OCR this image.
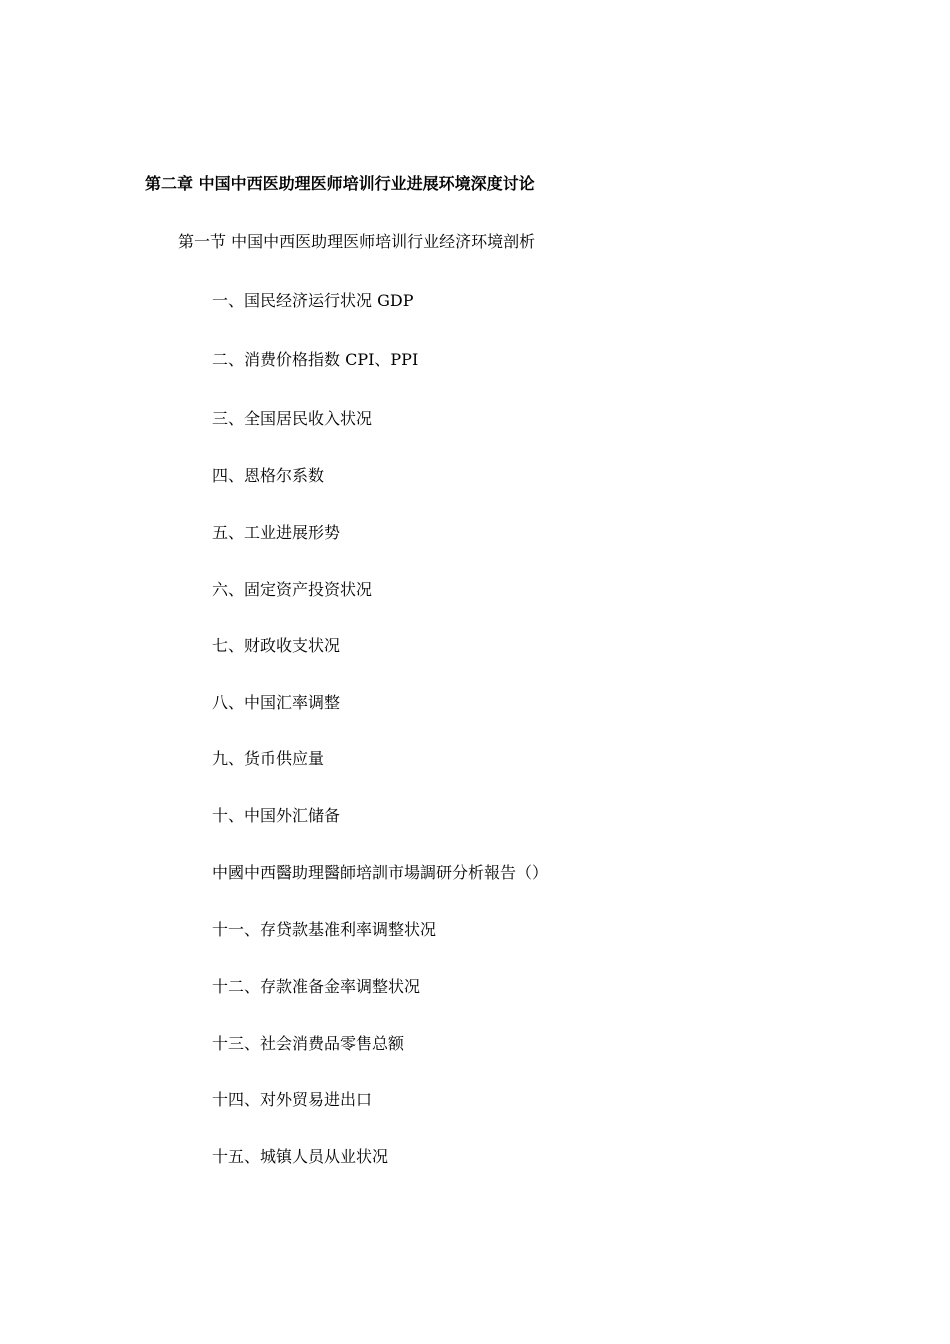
第二章 中国中西医助理医师培训行业进展环境深度讨论
第一节 中国中西医助理医师培训行业经济环境剖析
一、国民经济运行状况 GDP
二、消费价格指数 CPI、PPI
三、全国居民收入状况
四、恩格尔系数
五、工业进展形势
六、固定资产投资状况
七、财政收支状况
八、中国汇率调整
九、货币供应量
十、中国外汇储备
中國中西醫助理醫師培訓市場調研分析報告（）
十一、存贷款基准利率调整状况
十二、存款准备金率调整状况
十三、社会消费品零售总额
十四、对外贸易进出口
十五、城镇人员从业状况
